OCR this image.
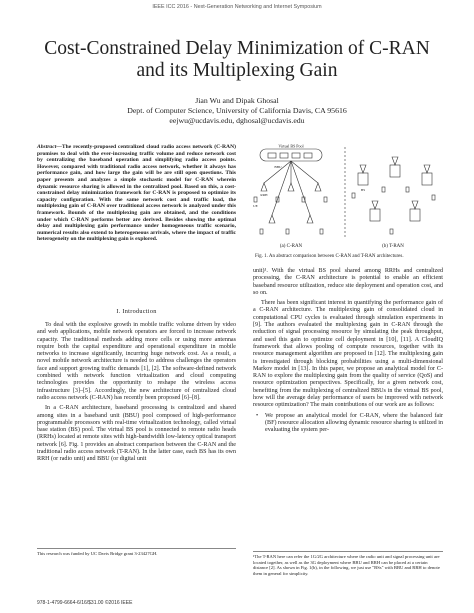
IEEE ICC 2016 - Next-Generation Networking and Internet Symposium
Cost-Constrained Delay Minimization of C-RAN
and its Multiplexing Gain
Jian Wu and Dipak Ghosal
Dept. of Computer Science, University of California Davis, CA 95616
eejwu@ucdavis.edu, dghosal@ucdavis.edu
Abstract—The recently-proposed centralized cloud radio access network (C-RAN) promises to deal with the ever-increasing traffic volume and reduce network cost by centralizing the baseband operation and simplifying radio access points. However, compared with traditional radio access network, whether it always has performance gain, and how large the gain will be are still open questions. This paper presents and analyzes a simple stochastic model for C-RAN wherein dynamic resource sharing is allowed in the centralized pool. Based on this, a cost-constrained delay minimization framework for C-RAN is proposed to optimize its capacity configuration. With the same network cost and traffic load, the multiplexing gain of C-RAN over traditional access network is analyzed under this framework. Bounds of the multiplexing gain are obtained, and the conditions under which C-RAN performs better are derived. Besides showing the optimal delay and multiplexing gain performance under homogeneous traffic scenario, numerical results also extend to heterogeneous arrivals, where the impact of traffic heterogeneity on the multiplexing gain is explored.
I. Introduction

To deal with the explosive growth in mobile traffic volume driven by video and web applications, mobile network operators are forced to increase network capacity. The traditional methods adding more cells or using more antennas require both the capital expenditure and operational expenditure in mobile networks to increase significantly, incurring huge network cost. As a result, a novel mobile network architecture is needed to address challenges the operators face and support growing traffic demands [1], [2]. The software-defined network combined with network function virtualization and cloud computing technologies provides the opportunity to reshape the wireless access infrastructure [3]–[5]. Accordingly, the new architecture of centralized cloud radio access network (C-RAN) has recently been proposed [6]–[8].

In a C-RAN architecture, baseband processing is centralized and shared among sites in a baseband unit (BBU) pool composed of high-performance programmable processors with real-time virtualization technology, called virtual base station (BS) pool. The virtual BS pool is connected to remote radio heads (RRHs) located at remote sites with high-bandwidth low-latency optical transport network [6]. Fig. 1 provides an abstract comparison between the C-RAN and the traditional radio access network (T-RAN). In the latter case, each BS has its own RRH (or radio unit) and BBU (or digital unit

This research was funded by UC Davis Bridge grant 3-23427GH.
978-1-4799-6664-6/16/$31.00 ©2016 IEEE
Virtual BS Pool
BBU
RRH
UE
BS
(a) C-RAN	(b) T-RAN
Fig. 1. An abstract comparison between C-RAN and T-RAN architectures.

unit)¹. With the virtual BS pool shared among RRHs and centralized processing, the C-RAN architecture is potential to enable an efficient baseband resource utilization, reduce site deployment and operation cost, and so on.

There has been significant interest in quantifying the performance gain of a C-RAN architecture. The multiplexing gain of consolidated cloud in computational CPU cycles is evaluated through simulation experiments in [9]. The authors evaluated the multiplexing gain in C-RAN through the reduction of signal processing resource by simulating the peak throughput, and used this gain to optimize cell deployment in [10], [11]. A CloudIQ framework that allows pooling of compute resources, together with its resource management algorithm are proposed in [12]. The multiplexing gain is investigated through blocking probabilities using a multi-dimensional Markov model in [13]. In this paper, we propose an analytical model for C-RAN to explore the multiplexing gain from the quality of service (QoS) and resource optimization perspectives. Specifically, for a given network cost, benefiting from the multiplexing of centralized BBUs in the virtual BS pool, how will the average delay performance of users be improved with network resource optimization? The main contributions of our work are as follows:

• We propose an analytical model for C-RAN, where the balanced fair (BF) resource allocation allowing dynamic resource sharing is utilized in evaluating the system per-
¹The T-RAN here can refer the 1G/2G architecture where the radio unit and signal processing unit are located together, as well as the 3G deployment where BBU and RRH can be placed at a certain distance [2]. As shown in Fig. 1(b), in the following, we just use "BSs" with BBU and RRH to denote them in general for simplicity.
